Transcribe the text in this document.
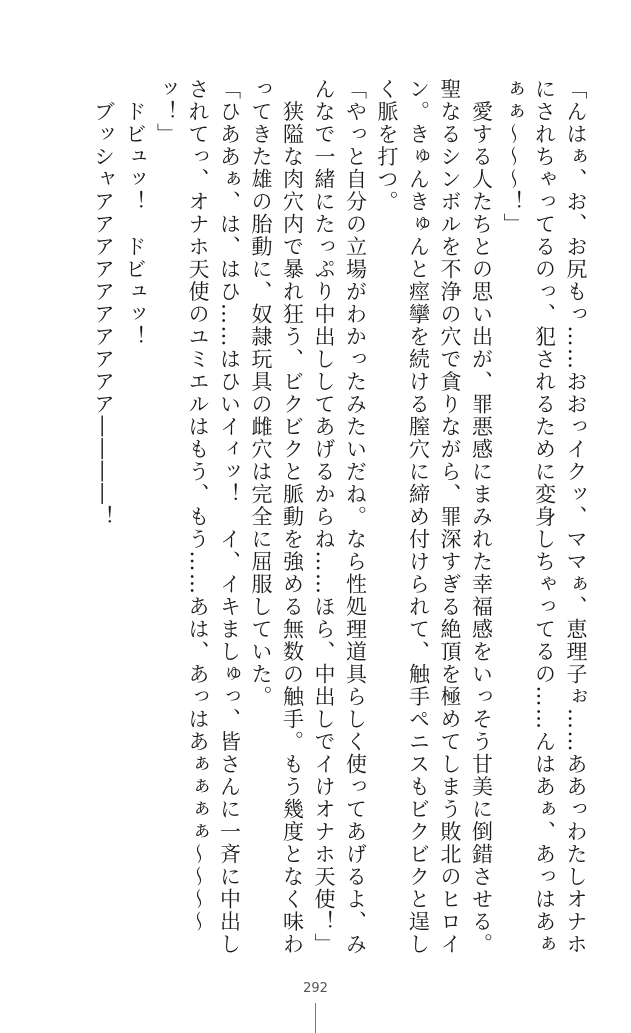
「んはぁ、お、お尻もっ……おおっイクッ、ママぁ、恵理子ぉ……ああっわたしオナホにされちゃってるのっ、犯されるために変身しちゃってるの……んはあぁ、あっはあぁぁぁ～～～！」

　愛する人たちとの思い出が、罪悪感にまみれた幸福感をいっそう甘美に倒錯させる。聖なるシンボルを不浄の穴で貪りながら、罪深すぎる絶頂を極めてしまう敗北のヒロイン。きゅんきゅんと痙攣を続ける膣穴に締め付けられて、触手ペニスもビクビクと逞しく脈を打つ。

「やっと自分の立場がわかったみたいだね。なら性処理道具らしく使ってあげるよ、みんなで一緒にたっぷり中出ししてあげるからね……ほら、中出しでイけオナホ天使！」

　狭隘な肉穴内で暴れ狂う、ビクビクと脈動を強める無数の触手。もう幾度となく味わってきた雄の胎動に、奴隷玩具の雌穴は完全に屈服していた。

「ひああぁ、は、はひ……はひいイィッ！　イ、イキましゅっ、皆さんに一斉に中出しされてっ、オナホ天使のユミエルはもう、もう……あは、あっはあぁぁぁぁ～～～～ッ！」

　ドビュッ！　ドビュッ！

　ブッシャアアアアアアアアアア――――！

292
